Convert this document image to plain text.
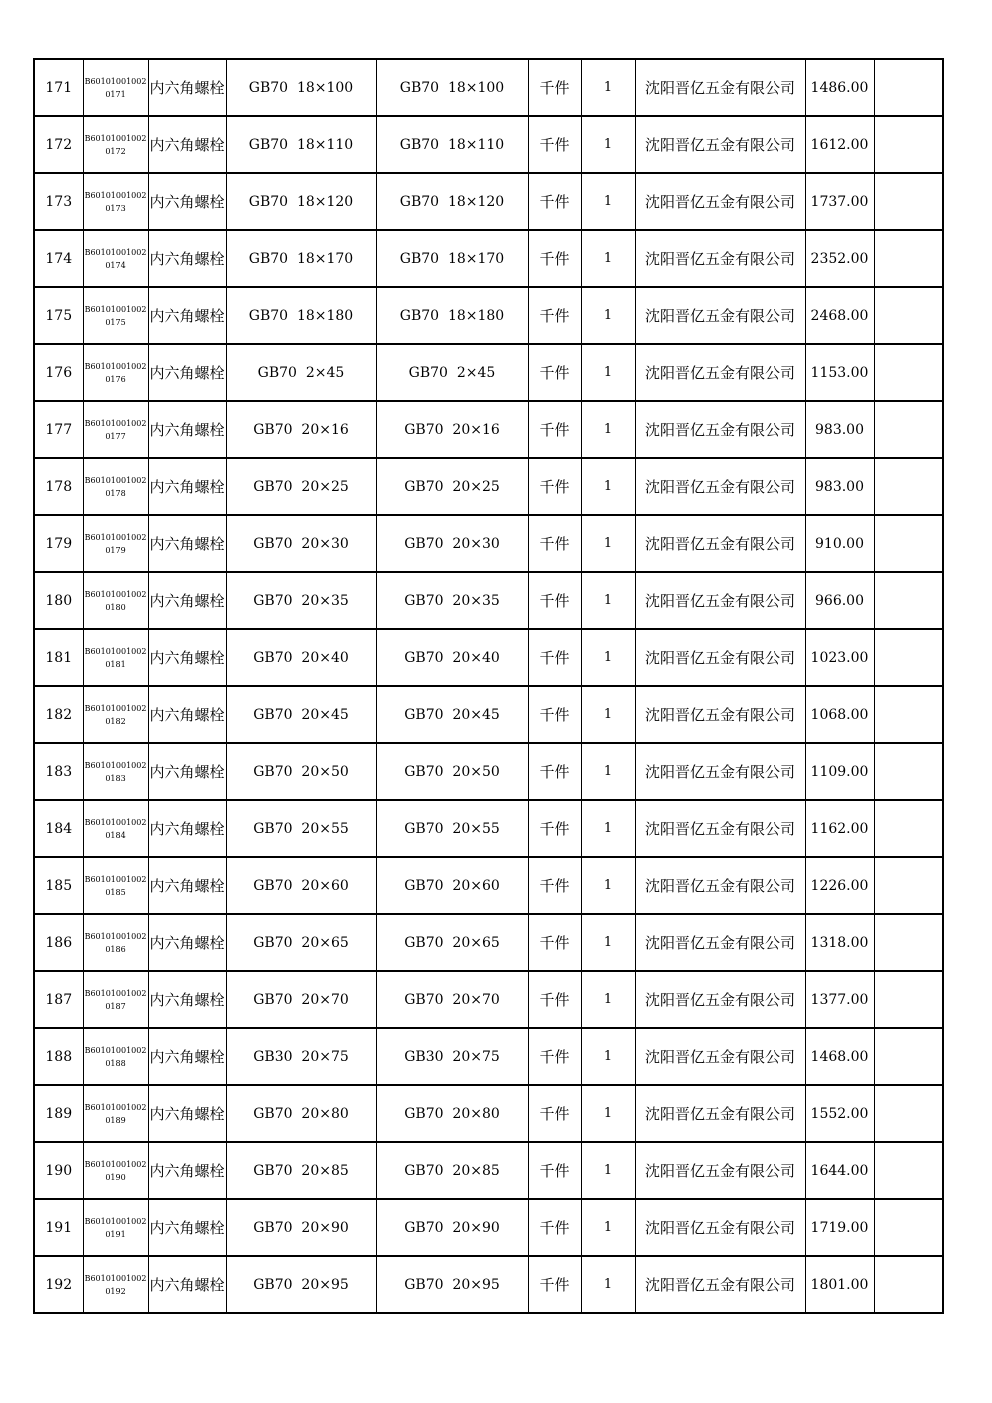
171	B601010010020171	内六角螺栓	GB70  18×100	GB70  18×100	千件	1	沈阳晋亿五金有限公司	1486.00	
172	B601010010020172	内六角螺栓	GB70  18×110	GB70  18×110	千件	1	沈阳晋亿五金有限公司	1612.00	
173	B601010010020173	内六角螺栓	GB70  18×120	GB70  18×120	千件	1	沈阳晋亿五金有限公司	1737.00	
174	B601010010020174	内六角螺栓	GB70  18×170	GB70  18×170	千件	1	沈阳晋亿五金有限公司	2352.00	
175	B601010010020175	内六角螺栓	GB70  18×180	GB70  18×180	千件	1	沈阳晋亿五金有限公司	2468.00	
176	B601010010020176	内六角螺栓	GB70  2×45	GB70  2×45	千件	1	沈阳晋亿五金有限公司	1153.00	
177	B601010010020177	内六角螺栓	GB70  20×16	GB70  20×16	千件	1	沈阳晋亿五金有限公司	983.00	
178	B601010010020178	内六角螺栓	GB70  20×25	GB70  20×25	千件	1	沈阳晋亿五金有限公司	983.00	
179	B601010010020179	内六角螺栓	GB70  20×30	GB70  20×30	千件	1	沈阳晋亿五金有限公司	910.00	
180	B601010010020180	内六角螺栓	GB70  20×35	GB70  20×35	千件	1	沈阳晋亿五金有限公司	966.00	
181	B601010010020181	内六角螺栓	GB70  20×40	GB70  20×40	千件	1	沈阳晋亿五金有限公司	1023.00	
182	B601010010020182	内六角螺栓	GB70  20×45	GB70  20×45	千件	1	沈阳晋亿五金有限公司	1068.00	
183	B601010010020183	内六角螺栓	GB70  20×50	GB70  20×50	千件	1	沈阳晋亿五金有限公司	1109.00	
184	B601010010020184	内六角螺栓	GB70  20×55	GB70  20×55	千件	1	沈阳晋亿五金有限公司	1162.00	
185	B601010010020185	内六角螺栓	GB70  20×60	GB70  20×60	千件	1	沈阳晋亿五金有限公司	1226.00	
186	B601010010020186	内六角螺栓	GB70  20×65	GB70  20×65	千件	1	沈阳晋亿五金有限公司	1318.00	
187	B601010010020187	内六角螺栓	GB70  20×70	GB70  20×70	千件	1	沈阳晋亿五金有限公司	1377.00	
188	B601010010020188	内六角螺栓	GB30  20×75	GB30  20×75	千件	1	沈阳晋亿五金有限公司	1468.00	
189	B601010010020189	内六角螺栓	GB70  20×80	GB70  20×80	千件	1	沈阳晋亿五金有限公司	1552.00	
190	B601010010020190	内六角螺栓	GB70  20×85	GB70  20×85	千件	1	沈阳晋亿五金有限公司	1644.00	
191	B601010010020191	内六角螺栓	GB70  20×90	GB70  20×90	千件	1	沈阳晋亿五金有限公司	1719.00	
192	B601010010020192	内六角螺栓	GB70  20×95	GB70  20×95	千件	1	沈阳晋亿五金有限公司	1801.00	
